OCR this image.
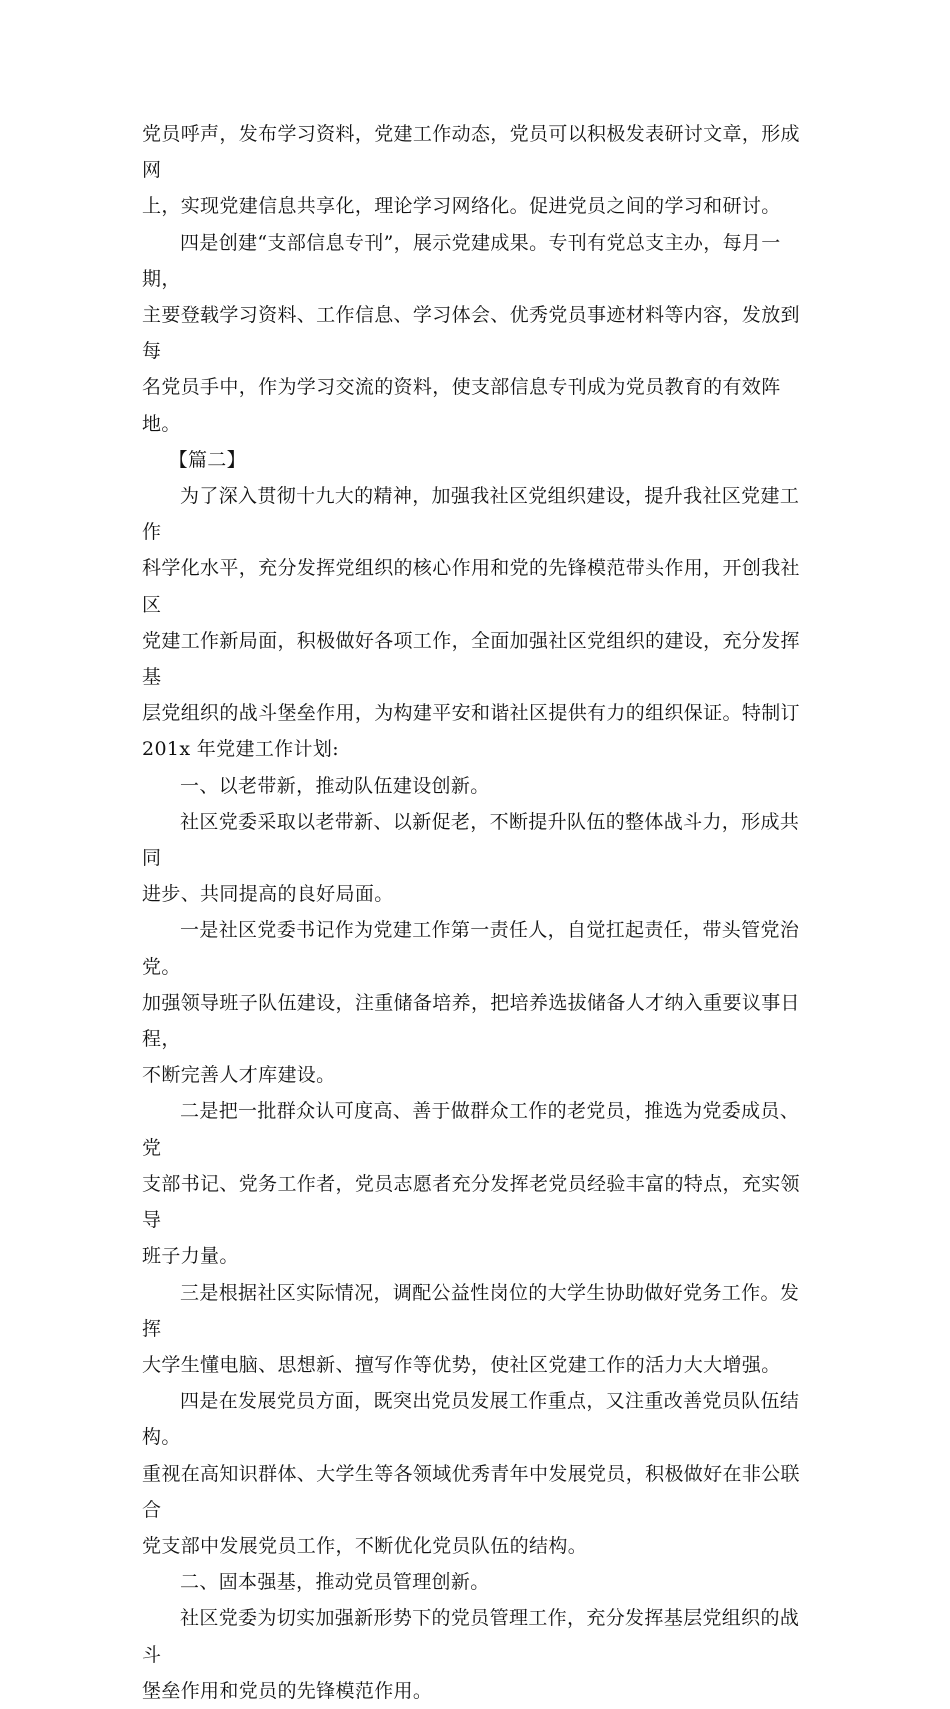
党员呼声，发布学习资料，党建工作动态，党员可以积极发表研讨文章，形成网
上，实现党建信息共享化，理论学习网络化。促进党员之间的学习和研讨。

四是创建“支部信息专刊”，展示党建成果。专刊有党总支主办，每月一期，
主要登载学习资料、工作信息、学习体会、优秀党员事迹材料等内容，发放到每
名党员手中，作为学习交流的资料，使支部信息专刊成为党员教育的有效阵地。

【篇二】

为了深入贯彻十九大的精神，加强我社区党组织建设，提升我社区党建工作
科学化水平，充分发挥党组织的核心作用和党的先锋模范带头作用，开创我社区
党建工作新局面，积极做好各项工作，全面加强社区党组织的建设，充分发挥基
层党组织的战斗堡垒作用，为构建平安和谐社区提供有力的组织保证。特制订
201x 年党建工作计划:

一、以老带新，推动队伍建设创新。

社区党委采取以老带新、以新促老，不断提升队伍的整体战斗力，形成共同
进步、共同提高的良好局面。

一是社区党委书记作为党建工作第一责任人，自觉扛起责任，带头管党治党。
加强领导班子队伍建设，注重储备培养，把培养选拔储备人才纳入重要议事日程，
不断完善人才库建设。

二是把一批群众认可度高、善于做群众工作的老党员，推选为党委成员、党
支部书记、党务工作者，党员志愿者充分发挥老党员经验丰富的特点，充实领导
班子力量。

三是根据社区实际情况，调配公益性岗位的大学生协助做好党务工作。发挥
大学生懂电脑、思想新、擅写作等优势，使社区党建工作的活力大大增强。

四是在发展党员方面，既突出党员发展工作重点，又注重改善党员队伍结构。
重视在高知识群体、大学生等各领域优秀青年中发展党员，积极做好在非公联合
党支部中发展党员工作，不断优化党员队伍的结构。

二、固本强基，推动党员管理创新。

社区党委为切实加强新形势下的党员管理工作，充分发挥基层党组织的战斗
堡垒作用和党员的先锋模范作用。
